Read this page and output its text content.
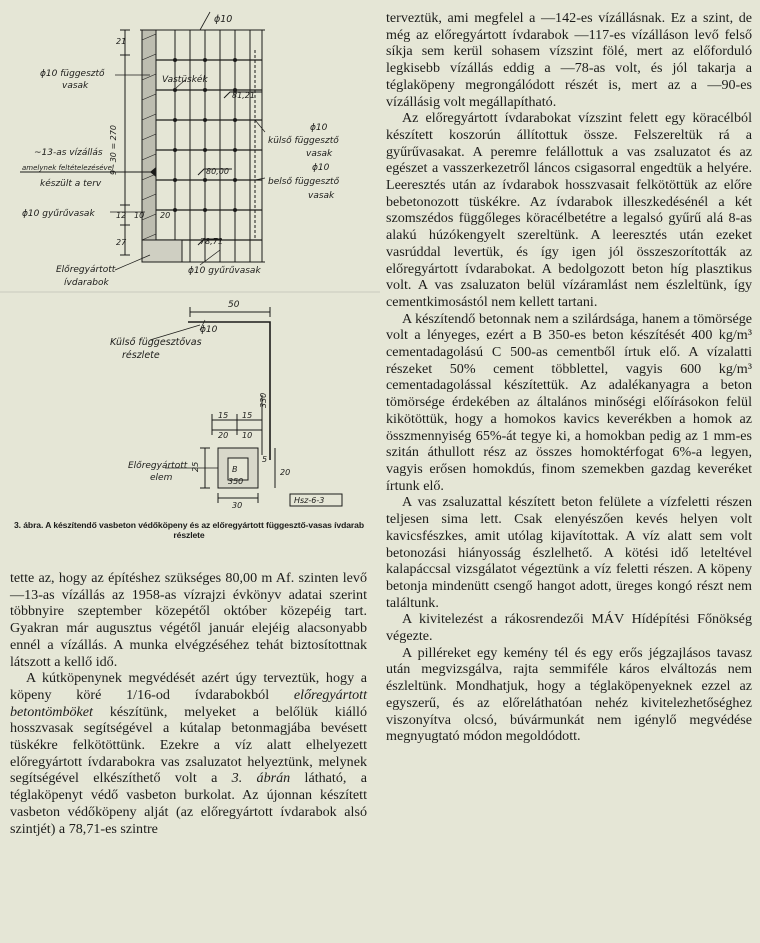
ϕ10
21
9 · 30 = 270
12
27
10 20
ϕ10 függesztő
vasak
Vastüskék
81,21
~13-as vízállás
amelynek feltételezésével
készült a terv
80,00
ϕ10
külső függesztő
vasak
ϕ10
belső függesztő
vasak
ϕ10 gyűrűvasak
78,71
Előregyártott
ívdarabok
ϕ10 gyűrűvasak
50
ϕ10
Külső függesztővas
részlete
15 15
20 10
330
Előregyártott
elem
25
5
B
350
20
30
Hsz-6-3
3. ábra. A készítendő vasbeton védőköpeny és az előregyártott függesztő-vasas ívdarab részlete

tette az, hogy az építéshez szükséges 80,00 m Af. szinten levő —13-as vízállás az 1958-as vízrajzi évkönyv adatai szerint többnyire szeptember közepétől október közepéig tart. Gyakran már augusztus végétől január elejéig alacsonyabb ennél a vízállás. A munka elvégzéséhez tehát biztosítottnak látszott a kellő idő.

A kútköpenynek megvédését azért úgy terveztük, hogy a köpeny köré 1/16-od ívdarabokból előregyártott betontömböket készítünk, melyeket a belőlük kiálló hosszvasak segítségével a kútalap betonmagjába bevésett tüskékre felkötöttünk. Ezekre a víz alatt elhelyezett előregyártott ívdarabokra vas zsaluzatot helyeztünk, melynek segítségével elkészíthető volt a 3. ábrán látható, a téglaköpenyt védő vasbeton burkolat. Az újonnan készített vasbeton védőköpeny alját (az előregyártott ívdarabok alsó szintjét) a 78,71-es szintre

terveztük, ami megfelel a —142-es vízállásnak. Ez a szint, de még az előregyártott ívdarabok —117-es vízálláson levő felső síkja sem kerül sohasem vízszint fölé, mert az előforduló legkisebb vízállás eddig a —78-as volt, és jól takarja a téglaköpeny megrongálódott részét is, mert az a —90-es vízállásig volt megállapítható.

Az előregyártott ívdarabokat vízszint felett egy köracélból készített koszorún állítottuk össze. Felszereltük rá a gyűrűvasakat. A peremre felállottuk a vas zsaluzatot és az egészet a vasszerkezetről láncos csigasorral engedtük a helyére. Leeresztés után az ívdarabok hosszvasait felkötöttük az előre bebetonozott tüskékre. Az ívdarabok illeszkedésénél a két szomszédos függőleges köracélbetétre a legalsó gyűrű alá 8-as alakú húzókengyelt szereltünk. A leeresztés után ezeket vasrúddal levertük, és így igen jól összeszorították az előregyártott ívdarabokat. A bedolgozott beton híg plasztikus volt. A vas zsaluzaton belül vízáramlást nem észleltünk, így cementkimosástól nem kellett tartani.

A készítendő betonnak nem a szilárdsága, hanem a tömörsége volt a lényeges, ezért a B 350-es beton készítését 400 kg/m³ cementadagolású C 500-as cementből írtuk elő. A vízalatti részeket 50% cement többlettel, vagyis 600 kg/m³ cementadagolással készítettük. Az adalékanyagra a beton tömörsége érdekében az általános minőségi előírásokon felül kikötöttük, hogy a homokos kavics keverékben a homok az összmennyiség 65%-át tegye ki, a homokban pedig az 1 mm-es szitán áthullott rész az összes homoktérfogat 6%-a legyen, vagyis erősen homokdús, finom szemekben gazdag keveréket írtunk elő.

A vas zsaluzattal készített beton felülete a vízfeletti részen teljesen sima lett. Csak elenyészően kevés helyen volt kavicsfészkes, amit utólag kijavítottak. A víz alatt sem volt betonozási hiányosság észlelhető. A kötési idő leteltével kalapáccsal vizsgálatot végeztünk a víz feletti részen. A köpeny betonja mindenütt csengő hangot adott, üreges kongó részt nem találtunk.

A kivitelezést a rákosrendezői MÁV Hídépítési Főnökség végezte.

A pilléreket egy kemény tél és egy erős jégzajlásos tavasz után megvizsgálva, rajta semmiféle káros elváltozás nem észleltünk. Mondhatjuk, hogy a téglaköpenyeknek ezzel az egyszerű, és az előreláthatóan nehéz kivitelezhetőséghez viszonyítva olcsó, búvármunkát nem igénylő megvédése megnyugtató módon megoldódott.
